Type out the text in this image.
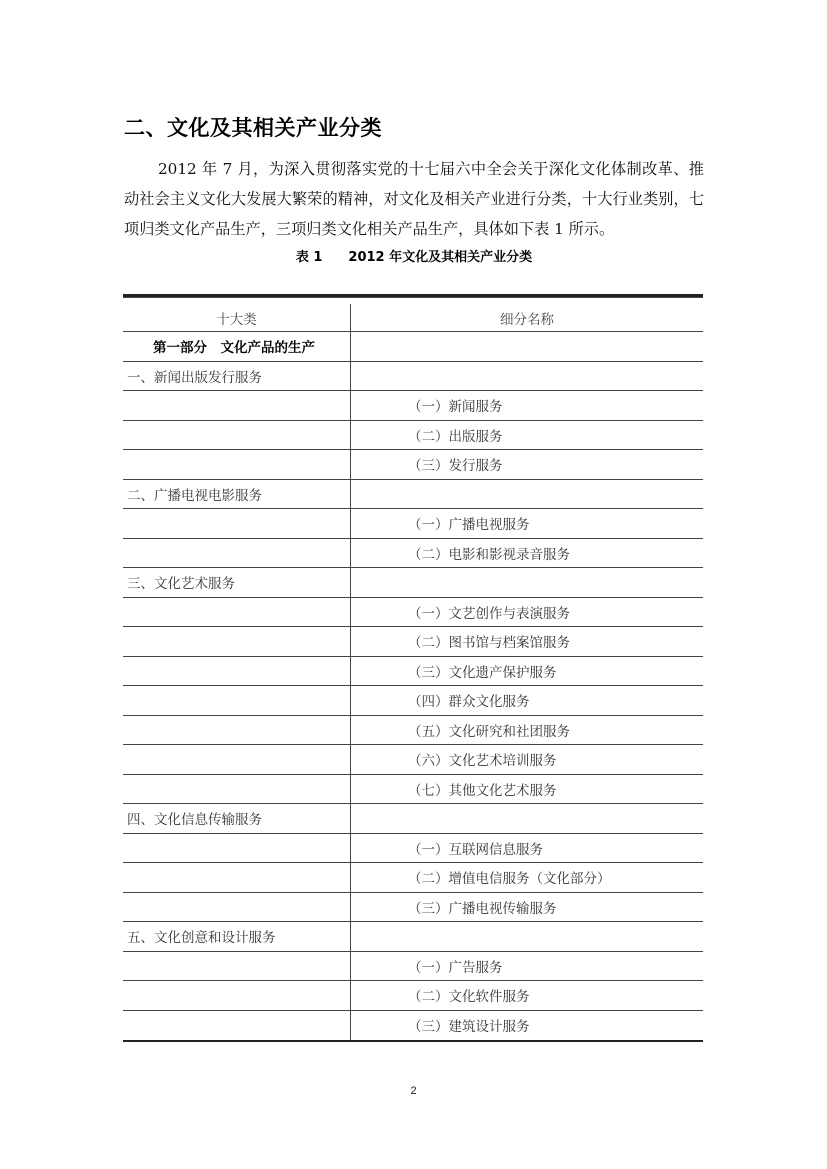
二、文化及其相关产业分类
2012 年 7 月，为深入贯彻落实党的十七届六中全会关于深化文化体制改革、推动社会主义文化大发展大繁荣的精神，对文化及相关产业进行分类，十大行业类别，七项归类文化产品生产，三项归类文化相关产品生产，具体如下表 1 所示。
表 1 2012 年文化及其相关产业分类
十大类	细分名称
第一部分　文化产品的生产
一、新闻出版发行服务
（一）新闻服务
（二）出版服务
（三）发行服务
二、广播电视电影服务
（一）广播电视服务
（二）电影和影视录音服务
三、文化艺术服务
（一）文艺创作与表演服务
（二）图书馆与档案馆服务
（三）文化遗产保护服务
（四）群众文化服务
（五）文化研究和社团服务
（六）文化艺术培训服务
（七）其他文化艺术服务
四、文化信息传输服务
（一）互联网信息服务
（二）增值电信服务（文化部分）
（三）广播电视传输服务
五、文化创意和设计服务
（一）广告服务
（二）文化软件服务
（三）建筑设计服务
2
